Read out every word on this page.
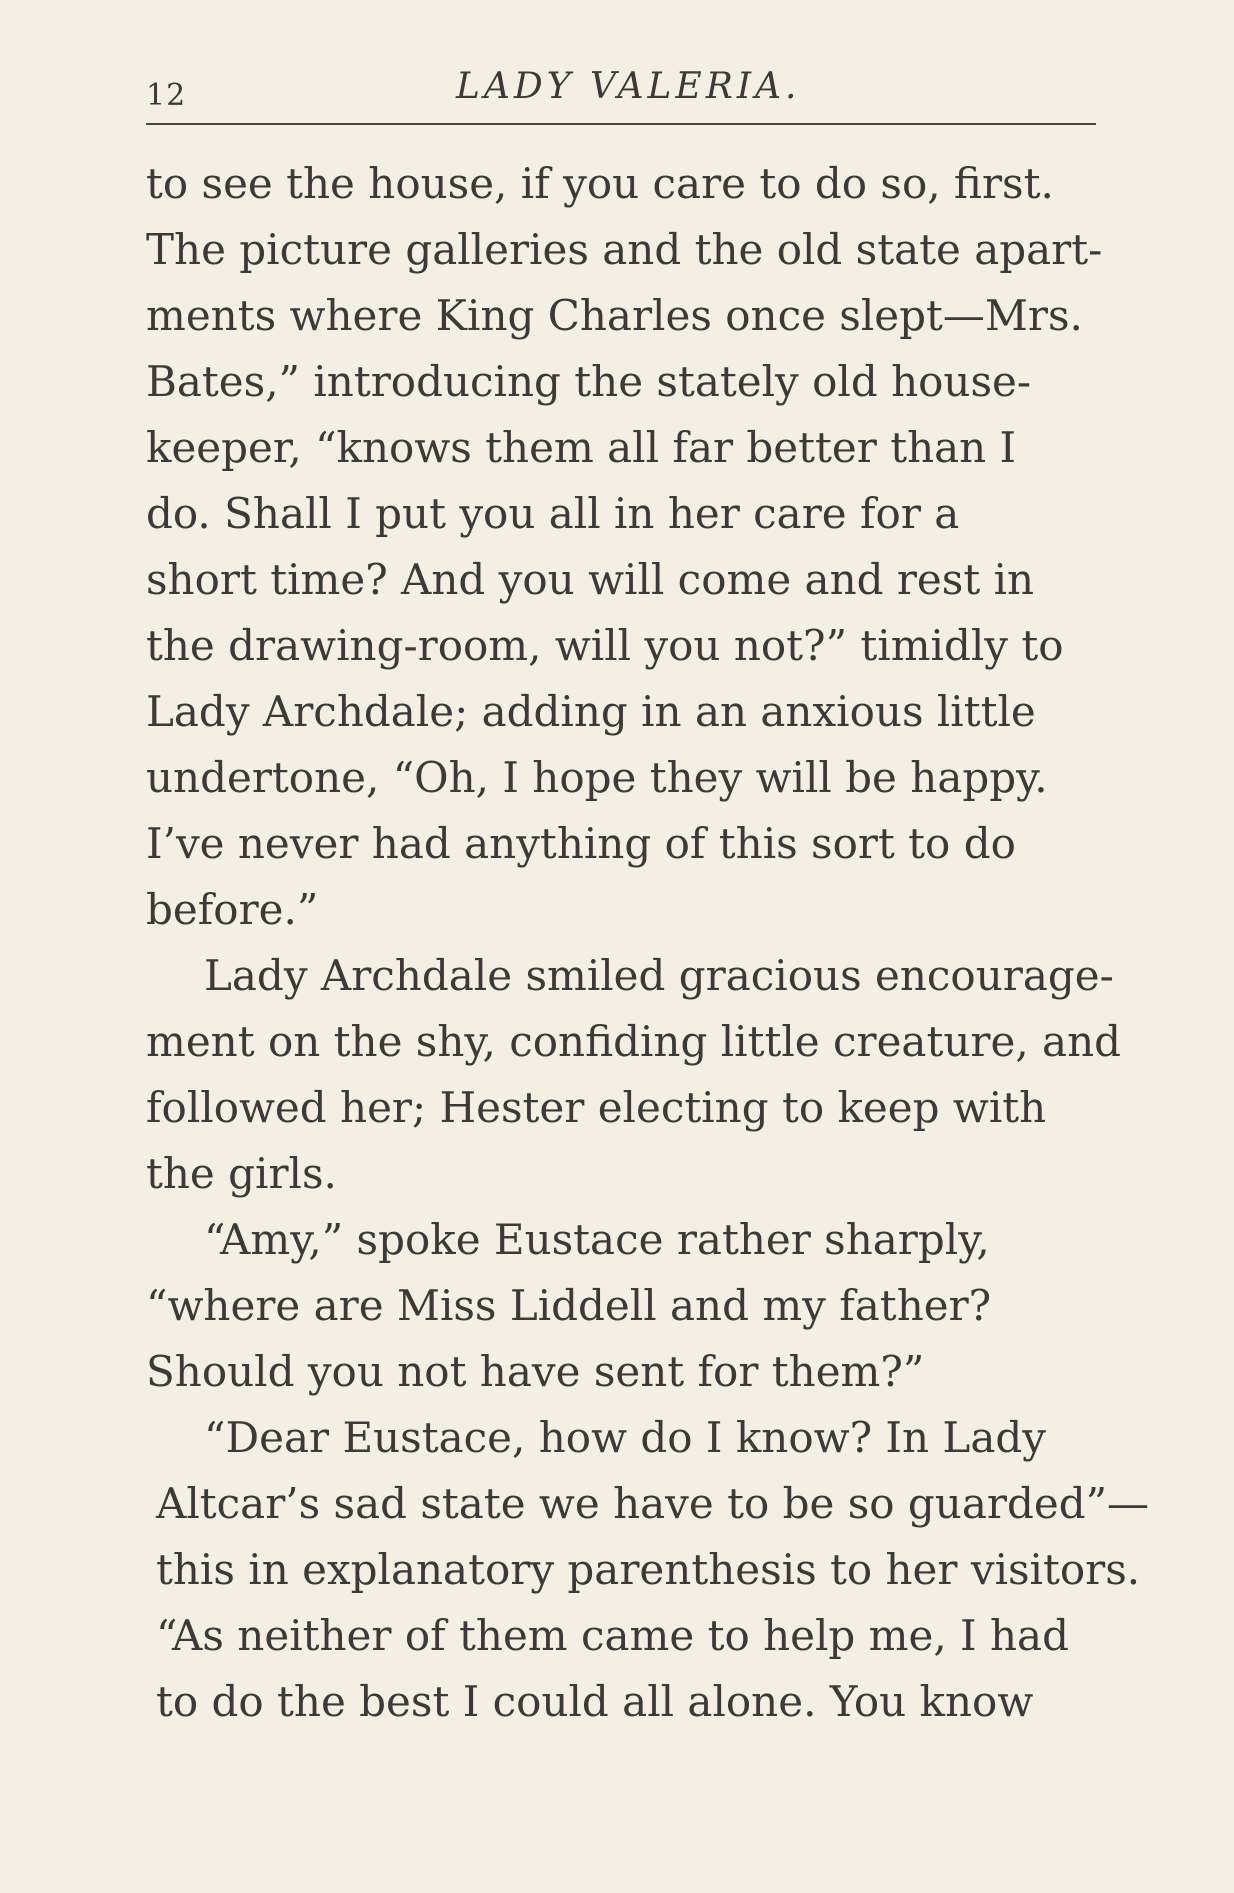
12	LADY VALERIA.
to see the house, if you care to do so, first.
The picture galleries and the old state apart-
ments where King Charles once slept—Mrs.
Bates,” introducing the stately old house-
keeper, “knows them all far better than I
do. Shall I put you all in her care for a
short time? And you will come and rest in
the drawing-room, will you not?” timidly to
Lady Archdale; adding in an anxious little
undertone, “Oh, I hope they will be happy.
I’ve never had anything of this sort to do
before.”
Lady Archdale smiled gracious encourage-
ment on the shy, confiding little creature, and
followed her; Hester electing to keep with
the girls.
“Amy,” spoke Eustace rather sharply,
“where are Miss Liddell and my father?
Should you not have sent for them?”
“Dear Eustace, how do I know? In Lady
Altcar’s sad state we have to be so guarded”—
this in explanatory parenthesis to her visitors.
“As neither of them came to help me, I had
to do the best I could all alone. You know
